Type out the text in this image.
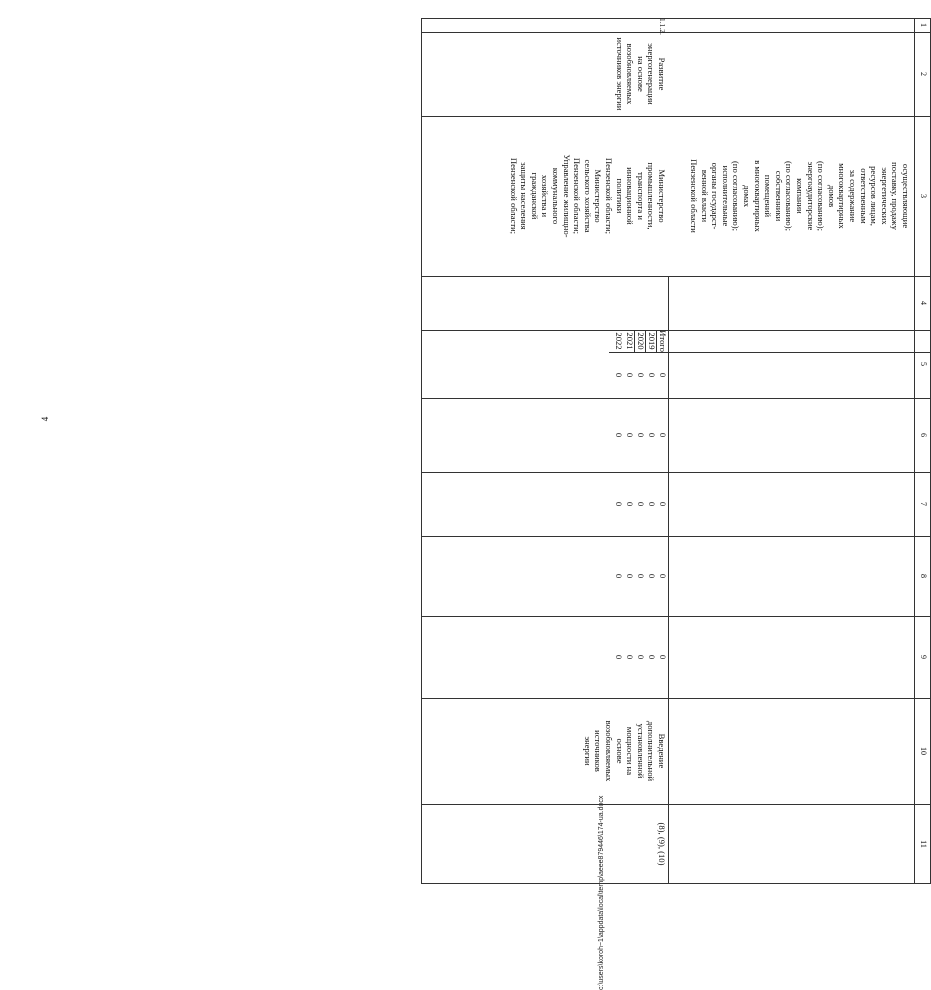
4
c:\users\koroh~1\appdata\local\temp\aeee879446\174-ua.docx
1
2
3
4
5
6
7
8
9
10
11
осуществляющие
поставку, продажу
энергетических
ресурсов лицам,
ответственным
за содержание
многоквартирных
домов
(по согласованию);
энергоаудиторские
компании
(по согласованию);
собственники
помещений
в многоквартирных
домах
(по согласованию);
исполнительные
органы государст-
венной власти
Пензенской области
1.1.2.
Развитие
энергогенерации
на основе
возобновляемых
источников энергии
Министерство
промышленности,
транспорта и
инновационной
политики
Пензенской области;
Министерство
сельского хозяйства
Пензенской области;
Управление жилищно-
коммунального
хозяйства и
гражданской
защиты населения
Пензенской области;
Введение
дополнительной
установленной
мощности на
основе
возобновляемых
источников
энергии
(8), (9), (10)
Итого
0
0
0
0
0
2019
0
0
0
0
0
2020
0
0
0
0
0
2021
0
0
0
0
0
2022
0
0
0
0
0
